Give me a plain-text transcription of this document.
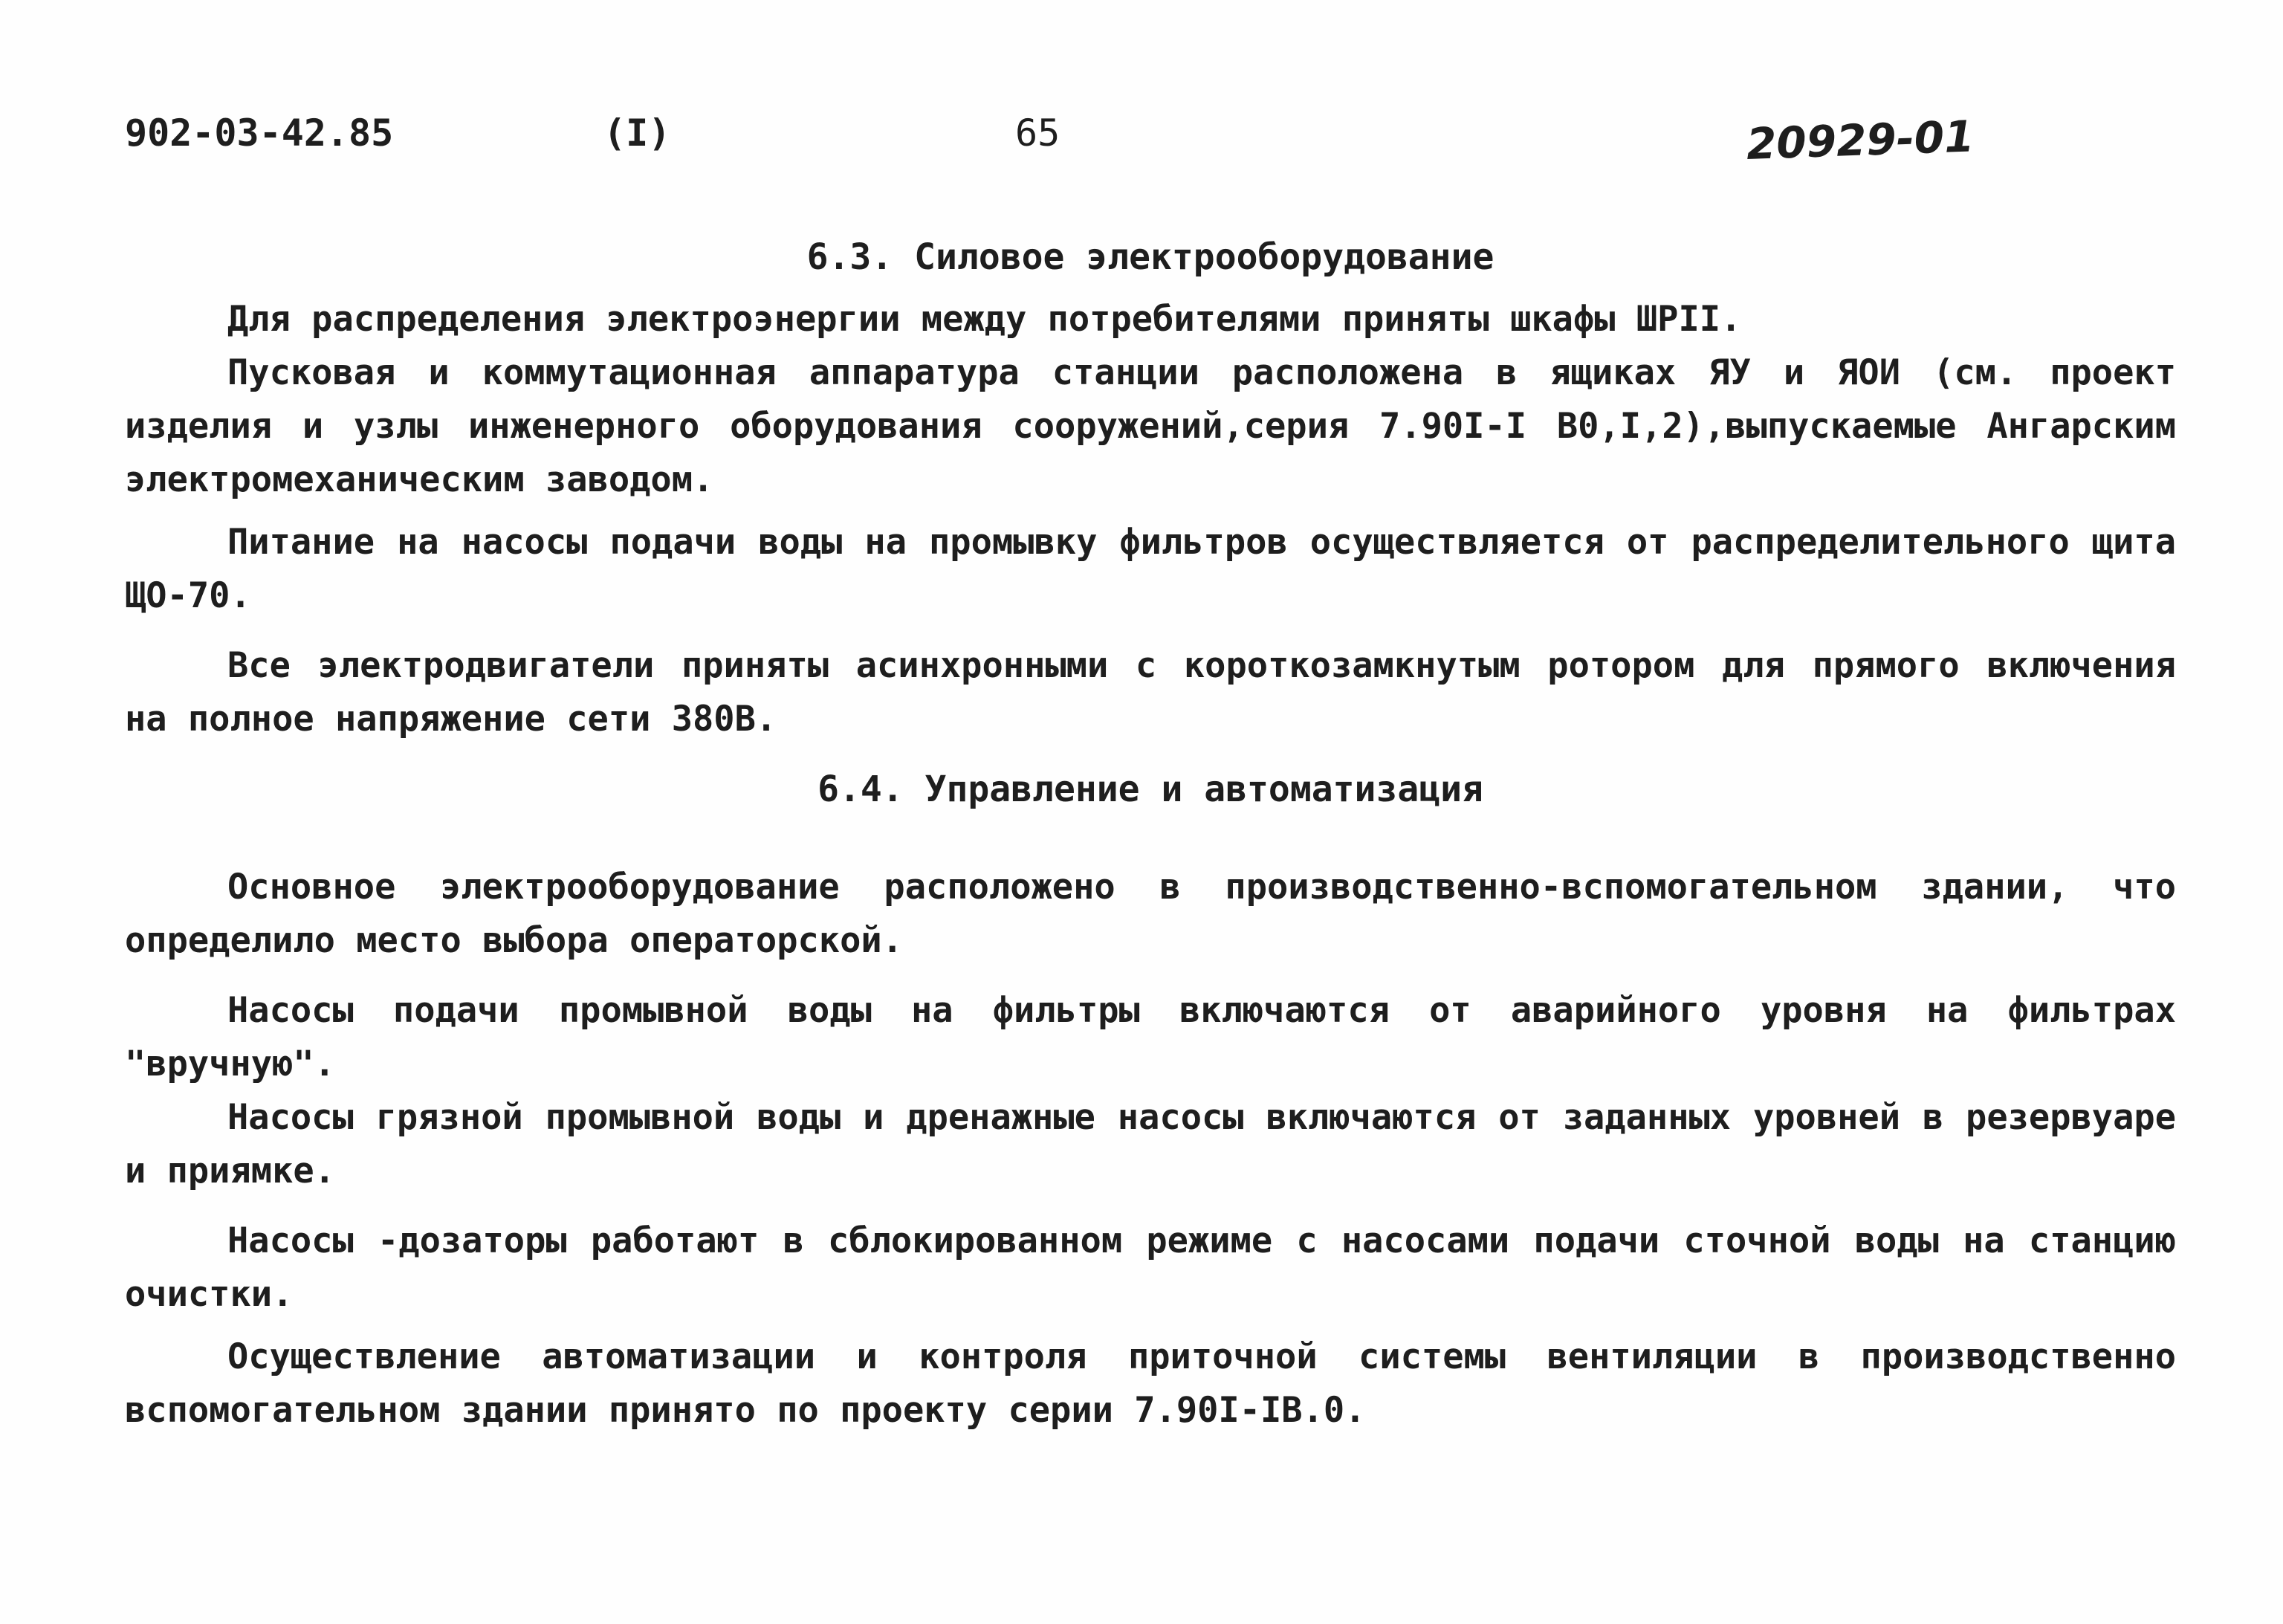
902-03-42.85	(I)	65	20929-01

6.3. Силовое электрооборудование

Для распределения электроэнергии между потребителями приняты шкафы ШРII.

Пусковая и коммутационная аппаратура станции расположена в ящиках ЯУ и ЯОИ (см. проект изделия и узлы инженерного оборудования сооружений,серия 7.90I-I В0,I,2),выпускаемые Ангарским электромеханическим заводом.

Питание на насосы подачи воды на промывку фильтров осуществляется от распределительного щита ЩО-70.

Все электродвигатели приняты асинхронными с короткозамкнутым ротором для прямого включения на полное напряжение сети 380В.

6.4. Управление и автоматизация

Основное электрооборудование расположено в производственно-вспомогательном здании, что определило место выбора операторской.

Насосы подачи промывной воды на фильтры включаются от аварийного уровня на фильтрах "вручную".

Насосы грязной промывной воды и дренажные насосы включаются от заданных уровней в резервуаре и приямке.

Насосы -дозаторы работают в сблокированном режиме с насосами подачи сточной воды на станцию очистки.

Осуществление автоматизации и контроля приточной системы вентиляции в производственно вспомогательном здании принято по проекту серии 7.90I-IВ.0.
